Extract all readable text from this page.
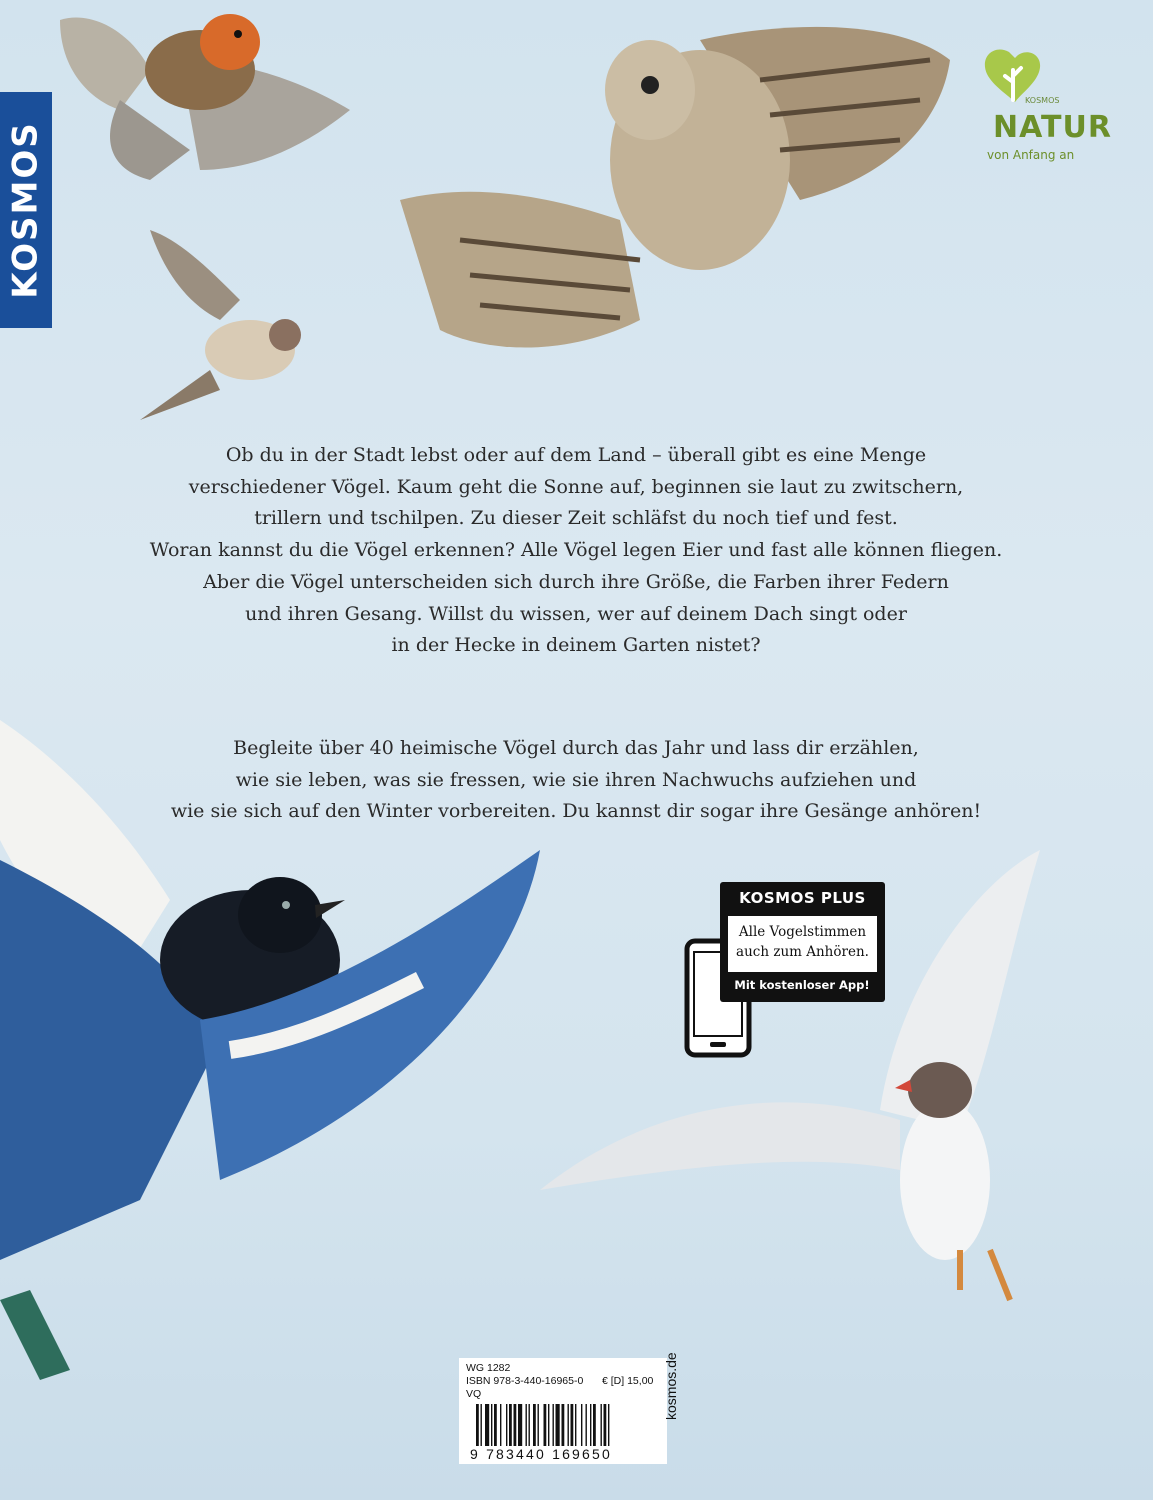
KOSMOS
KOSMOS
NATUR
von Anfang an
Ob du in der Stadt lebst oder auf dem Land – überall gibt es eine Menge
verschiedener Vögel. Kaum geht die Sonne auf, beginnen sie laut zu zwitschern,
trillern und tschilpen. Zu dieser Zeit schläfst du noch tief und fest.
Woran kannst du die Vögel erkennen? Alle Vögel legen Eier und fast alle können fliegen.
Aber die Vögel unterscheiden sich durch ihre Größe, die Farben ihrer Federn
und ihren Gesang. Willst du wissen, wer auf deinem Dach singt oder
in der Hecke in deinem Garten nistet?
Begleite über 40 heimische Vögel durch das Jahr und lass dir erzählen,
wie sie leben, was sie fressen, wie sie ihren Nachwuchs aufziehen und
wie sie sich auf den Winter vorbereiten. Du kannst dir sogar ihre Gesänge anhören!
KOSMOS PLUS
Alle Vogelstimmen
auch zum Anhören.
Mit kostenloser App!
WG 1282
ISBN 978-3-440-16965-0 € [D] 15,00
VQ
9 783440 169650
kosmos.de
